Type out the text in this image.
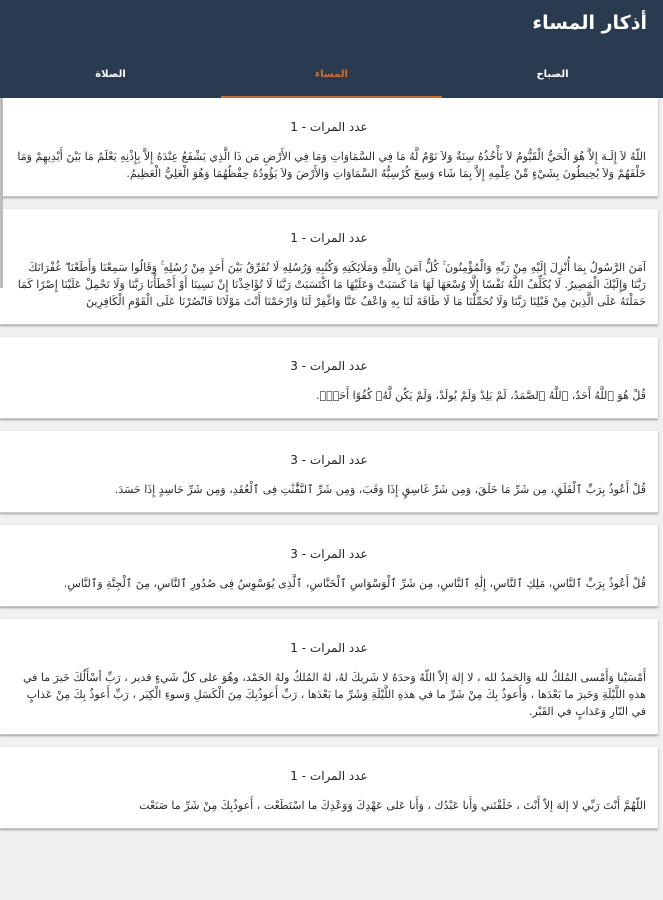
أذكار المساء
الصلاة	المساء	الصباح
عدد المرات - 1
اللّهُ لاَ إِلَـهَ إِلاَّ هُوَ الْحَيُّ الْقَيُّومُ لاَ تَأْخُذُهُ سِنَةٌ وَلاَ نَوْمٌ لَّهُ مَا فِي السَّمَاوَاتِ وَمَا فِي الأَرْضِ مَن ذَا الَّذِي يَشْفَعُ عِنْدَهُ إِلاَّ بِإِذْنِهِ يَعْلَمُ مَا بَيْنَ أَيْدِيهِمْ وَمَا خَلْفَهُمْ وَلاَ يُحِيطُونَ بِشَيْءٍ مِّنْ عِلْمِهِ إِلاَّ بِمَا شَاء وَسِعَ كُرْسِيُّهُ السَّمَاوَاتِ وَالأَرْضَ وَلاَ يَؤُودُهُ حِفْظُهُمَا وَهُوَ الْعَلِيُّ الْعَظِيمُ.
عدد المرات - 1
آمَنَ الرَّسُولُ بِمَا أُنْزِلَ إِلَيْهِ مِنْ رَبِّهِ وَالْمُؤْمِنُونَ ۚ كُلٌّ آمَنَ بِاللَّهِ وَمَلَائِكَتِهِ وَكُتُبِهِ وَرُسُلِهِ لَا نُفَرِّقُ بَيْنَ أَحَدٍ مِنْ رُسُلِهِ ۚ وَقَالُوا سَمِعْنَا وَأَطَعْنَا ۖ غُفْرَانَكَ رَبَّنَا وَإِلَيْكَ الْمَصِيرُ. لَا يُكَلِّفُ اللَّهُ نَفْسًا إِلَّا وُسْعَهَا لَهَا مَا كَسَبَتْ وَعَلَيْهَا مَا اكْتَسَبَتْ رَبَّنَا لَا تُؤَاخِذْنَا إِنْ نَسِينَا أَوْ أَخْطَأْنَا رَبَّنَا وَلَا تَحْمِلْ عَلَيْنَا إِصْرًا كَمَا حَمَلْتَهُ عَلَى الَّذِينَ مِنْ قَبْلِنَا رَبَّنَا وَلَا تُحَمِّلْنَا مَا لَا طَاقَةَ لَنَا بِهِ وَاعْفُ عَنَّا وَاغْفِرْ لَنَا وَارْحَمْنَا أَنْتَ مَوْلَانَا فَانْصُرْنَا عَلَى الْقَوْمِ الْكَافِرِينَ
عدد المرات - 3
قُلْ هُوَ ٱللَّهُ أَحَدٌ، ٱللَّهُ ٱلصَّمَدُ، لَمْ يَلِدْ وَلَمْ يُولَدْ، وَلَمْ يَكُن لَّهُۥ كُفُوًا أَحَدٌۢ.
عدد المرات - 3
قُلْ أَعُوذُ بِرَبِّ ٱلْفَلَقِ، مِن شَرِّ مَا خَلَقَ، وَمِن شَرِّ غَاسِقٍ إِذَا وَقَبَ، وَمِن شَرِّ ٱلنَّفَّٰثَٰتِ فِى ٱلْعُقَدِ، وَمِن شَرِّ حَاسِدٍ إِذَا حَسَدَ.
عدد المرات - 3
قُلْ أَعُوذُ بِرَبِّ ٱلنَّاسِ، مَلِكِ ٱلنَّاسِ، إِلَٰهِ ٱلنَّاسِ، مِن شَرِّ ٱلْوَسْوَاسِ ٱلْخَنَّاسِ، ٱلَّذِى يُوَسْوِسُ فِى صُدُورِ ٱلنَّاسِ، مِنَ ٱلْجِنَّةِ وَٱلنَّاسِ.
عدد المرات - 1
أَمْسَيْنا وَأَمْسى المُلكُ لله وَالحَمدُ لله ، لا إلهَ إلاّ اللّهُ وَحدَهُ لا شَريكَ لهُ، لهُ المُلكُ ولهُ الحَمْد، وهُوَ على كلّ شَيءٍ قدير ، رَبِّ أسْأَلُكَ خَيرَ ما في هذهِ اللَّيْلَةِ وَخَيرَ ما بَعْدَها ، وَأَعوذُ بِكَ مِنْ شَرِّ ما في هذهِ اللَّيْلَةِ وَشَرِّ ما بَعْدَها ، رَبِّ أَعوذُبِكَ مِنَ الْكَسَلِ وَسوءِ الْكِبَر ، رَبِّ أَعوذُ بِكَ مِنْ عَذابٍ في النّارِ وَعَذابٍ في القَبْر.
عدد المرات - 1
اللّهُمَّ أَنْتَ رَبِّي لا إلهَ إلاّ أَنْتَ ، خَلَقْتَني وَأَنا عَبْدُك ، وَأَنا عَلى عَهْدِكَ وَوَعْدِكَ ما اسْتَطَعْت ، أَعوذُبِكَ مِنْ شَرِّ ما صَنَعْت
